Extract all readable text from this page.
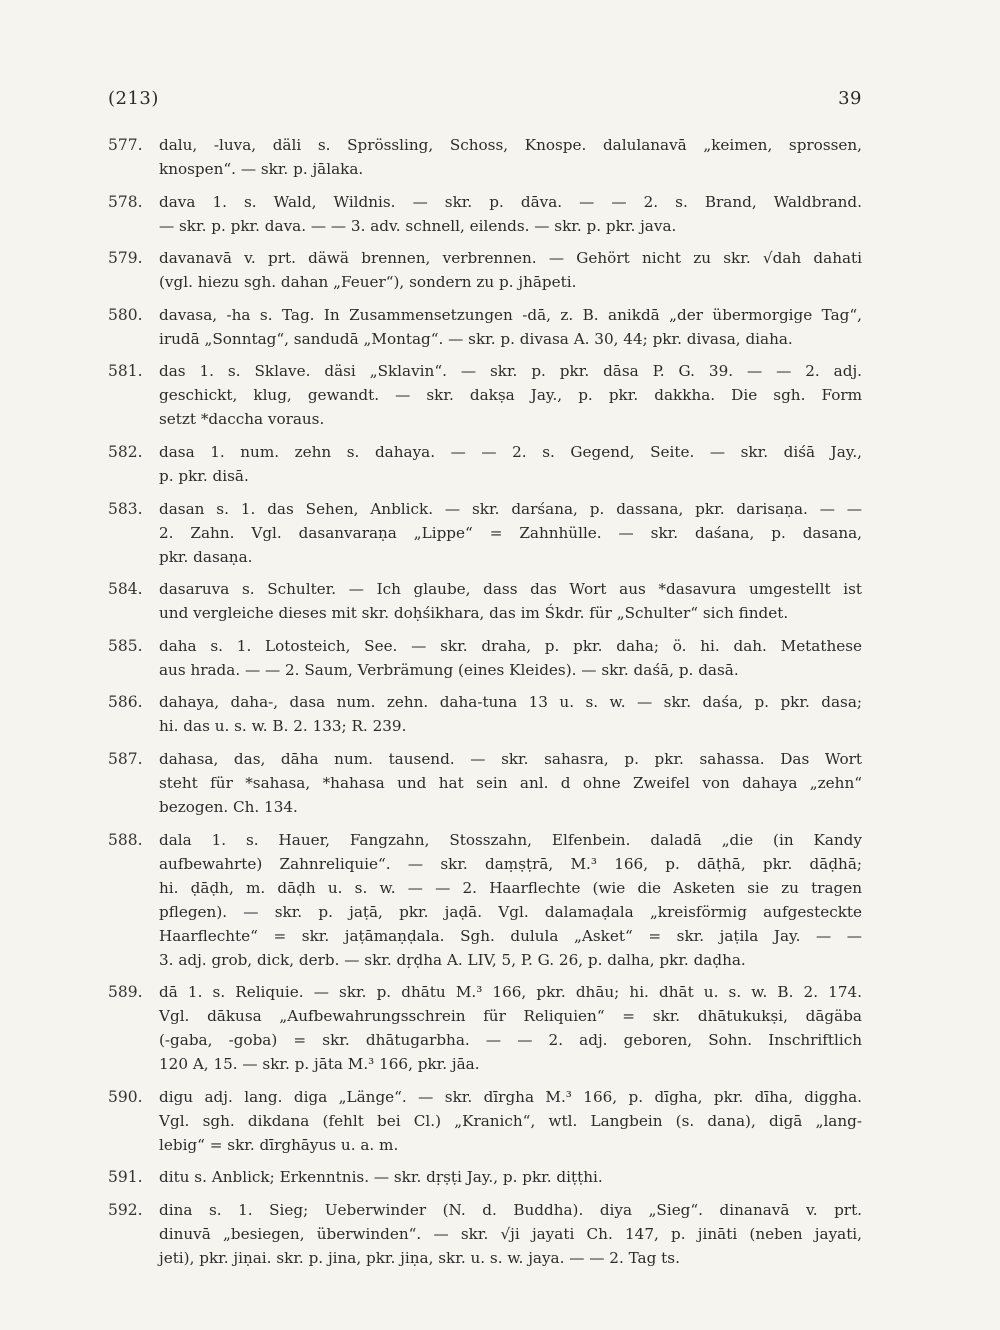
(213)	39
577. dalu, -luva, däli s. Sprössling, Schoss, Knospe. dalulanavā „keimen, sprossen,
knospen“. — skr. p. jālaka.
578. dava 1. s. Wald, Wildnis. — skr. p. dāva. — — 2. s. Brand, Waldbrand.
— skr. p. pkr. dava. — — 3. adv. schnell, eilends. — skr. p. pkr. java.
579. davanavā v. prt. däwä brennen, verbrennen. — Gehört nicht zu skr. √dah dahati
(vgl. hiezu sgh. dahan „Feuer“), sondern zu p. jhāpeti.
580. davasa, -ha s. Tag. In Zusammensetzungen -dā, z. B. anikdā „der übermorgige Tag“,
irudā „Sonntag“, sandudā „Montag“. — skr. p. divasa A. 30, 44; pkr. divasa, diaha.
581. das 1. s. Sklave. däsi „Sklavin“. — skr. p. pkr. dāsa P. G. 39. — — 2. adj.
geschickt, klug, gewandt. — skr. dakṣa Jay., p. pkr. dakkha. Die sgh. Form
setzt *daccha voraus.
582. dasa 1. num. zehn s. dahaya. — — 2. s. Gegend, Seite. — skr. diśā Jay.,
p. pkr. disā.
583. dasan s. 1. das Sehen, Anblick. — skr. darśana, p. dassana, pkr. darisaṇa. — —
2. Zahn. Vgl. dasanvaraṇa „Lippe“ = Zahnhülle. — skr. daśana, p. dasana,
pkr. dasaṇa.
584. dasaruva s. Schulter. — Ich glaube, dass das Wort aus *dasavura umgestellt ist
und vergleiche dieses mit skr. doḥśikhara, das im Śkdr. für „Schulter“ sich findet.
585. daha s. 1. Lotosteich, See. — skr. draha, p. pkr. daha; ö. hi. dah. Metathese
aus hrada. — — 2. Saum, Verbrämung (eines Kleides). — skr. daśā, p. dasā.
586. dahaya, daha-, dasa num. zehn. daha-tuna 13 u. s. w. — skr. daśa, p. pkr. dasa;
hi. das u. s. w. B. 2. 133; R. 239.
587. dahasa, das, dāha num. tausend. — skr. sahasra, p. pkr. sahassa. Das Wort
steht für *sahasa, *hahasa und hat sein anl. d ohne Zweifel von dahaya „zehn“
bezogen. Ch. 134.
588. dala 1. s. Hauer, Fangzahn, Stosszahn, Elfenbein. daladā „die (in Kandy
aufbewahrte) Zahnreliquie“. — skr. daṃṣṭrā, M.³ 166, p. dāṭhā, pkr. dāḍhā;
hi. ḍāḍh, m. dāḍh u. s. w. — — 2. Haarflechte (wie die Asketen sie zu tragen
pflegen). — skr. p. jaṭā, pkr. jaḍā. Vgl. dalamaḍala „kreisförmig aufgesteckte
Haarflechte“ = skr. jaṭāmaṇḍala. Sgh. dulula „Asket“ = skr. jaṭila Jay. — —
3. adj. grob, dick, derb. — skr. dṛḍha A. LIV, 5, P. G. 26, p. dalha, pkr. daḍha.
589. dā 1. s. Reliquie. — skr. p. dhātu M.³ 166, pkr. dhāu; hi. dhāt u. s. w. B. 2. 174.
Vgl. dākusa „Aufbewahrungsschrein für Reliquien“ = skr. dhātukukṣi, dāgäba
(-gaba, -goba) = skr. dhātugarbha. — — 2. adj. geboren, Sohn. Inschriftlich
120 A, 15. — skr. p. jāta M.³ 166, pkr. jāa.
590. digu adj. lang. diga „Länge“. — skr. dīrgha M.³ 166, p. dīgha, pkr. dīha, diggha.
Vgl. sgh. dikdana (fehlt bei Cl.) „Kranich“, wtl. Langbein (s. dana), digā „lang-
lebig“ = skr. dīrghāyus u. a. m.
591. ditu s. Anblick; Erkenntnis. — skr. dṛṣṭi Jay., p. pkr. diṭṭhi.
592. dina s. 1. Sieg; Ueberwinder (N. d. Buddha). diya „Sieg“. dinanavā v. prt.
dinuvā „besiegen, überwinden“. — skr. √ji jayati Ch. 147, p. jināti (neben jayati,
jeti), pkr. jiṇai. skr. p. jina, pkr. jiṇa, skr. u. s. w. jaya. — — 2. Tag ts.
